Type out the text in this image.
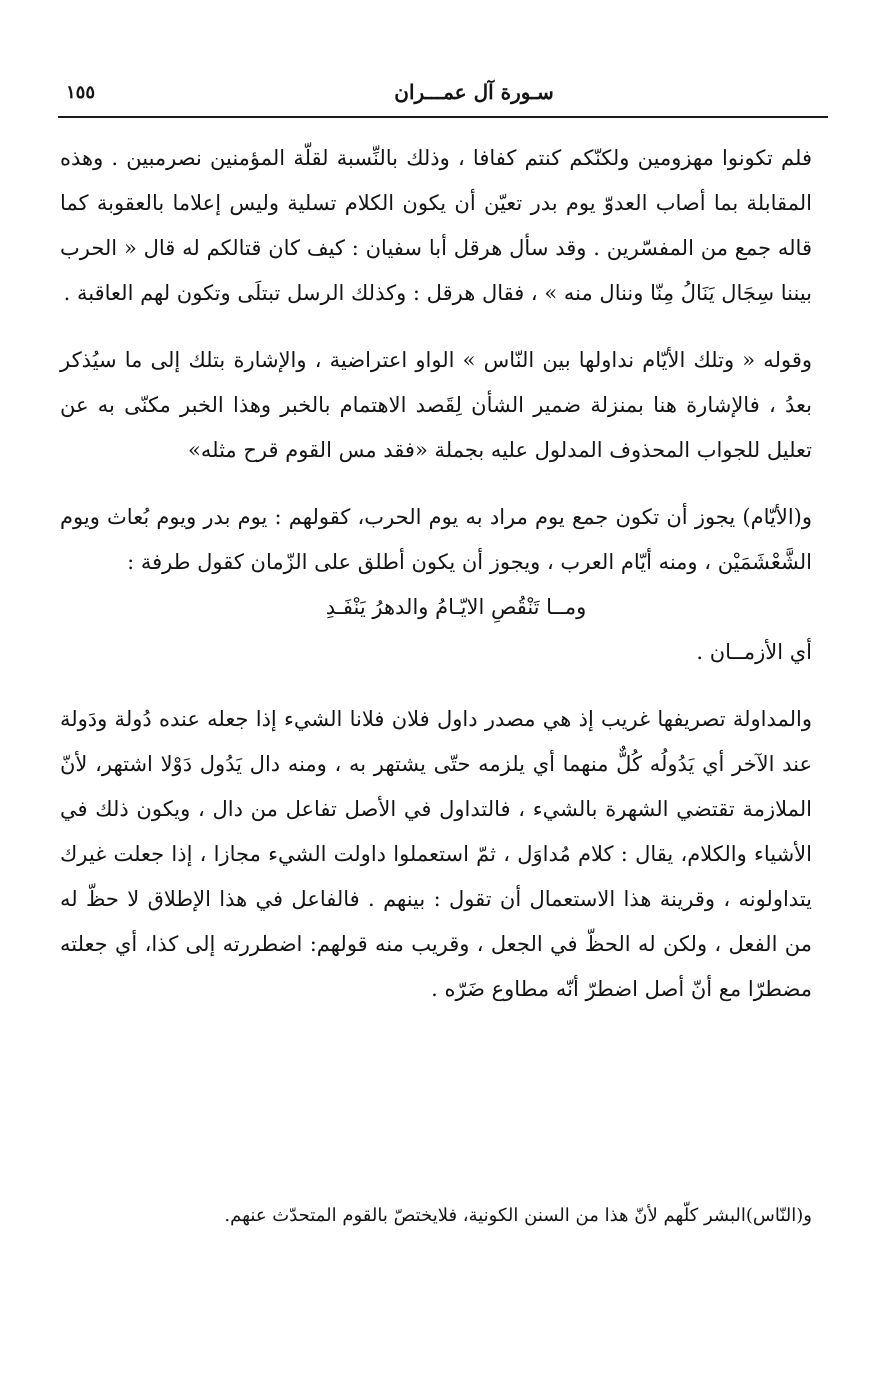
١٥٥	سـورة آل عمـــران

فلم تكونوا مهزومين ولكنّكم كنتم كفافا ، وذلك بالنِّسبة لقلّة المؤمنين نصرمبين . وهذه المقابلة بما أصاب العدوّ يوم بدر تعيّن أن يكون الكلام تسلية وليس إعلاما بالعقوبة كما قاله جمع من المفسّرين . وقد سأل هرقل أبا سفيان : كيف كان قتالكم له قال « الحرب بيننا سِجَال يَنَالُ مِنّا وننال منه » ، فقال هرقل : وكذلك الرسل تبتلَى وتكون لهم العاقبة .

وقوله « وتلك الأيّام نداولها بين النّاس » الواو اعتراضية ، والإشارة بتلك إلى ما سيُذكر بعدُ ، فالإشارة هنا بمنزلة ضمير الشأن لِقَصد الاهتمام بالخبر وهذا الخبر مكنّى به عن تعليل للجواب المحذوف المدلول عليه بجملة «فقد مس القوم قرح مثله»

و(الأيّام) يجوز أن تكون جمع يوم مراد به يوم الحرب، كقولهم : يوم بدر ويوم بُعاث ويوم الشَّعْشَمَيْن ، ومنه أيّام العرب ، ويجوز أن يكون أطلق على الزّمان كقول طرفة :

ومــا تَنْقُصِ الايّـامُ والدهرُ يَنْفَـدِ

أي الأزمــان .

والمداولة تصريفها غريب إذ هي مصدر داول فلان فلانا الشيء إذا جعله عنده دُولة ودَولة عند الآخر أي يَدُولُه كُلٌّ منهما أي يلزمه حتّى يشتهر به ، ومنه دال يَدُول دَوْلا اشتهر، لأنّ الملازمة تقتضي الشهرة بالشيء ، فالتداول في الأصل تفاعل من دال ، ويكون ذلك في الأشياء والكلام، يقال : كلام مُداوَل ، ثمّ استعملوا داولت الشيء مجازا ، إذا جعلت غيرك يتداولونه ، وقرينة هذا الاستعمال أن تقول : بينهم . فالفاعل في هذا الإطلاق لا حظّ له من الفعل ، ولكن له الحظّ في الجعل ، وقريب منه قولهم: اضطررته إلى كذا، أي جعلته مضطرّا مع أنّ أصل اضطرّ أنّه مطاوع ضَرّه .

و(النّاس)البشر كلّهم لأنّ هذا من السنن الكونية، فلايختصّ بالقوم المتحدّث عنهم.
